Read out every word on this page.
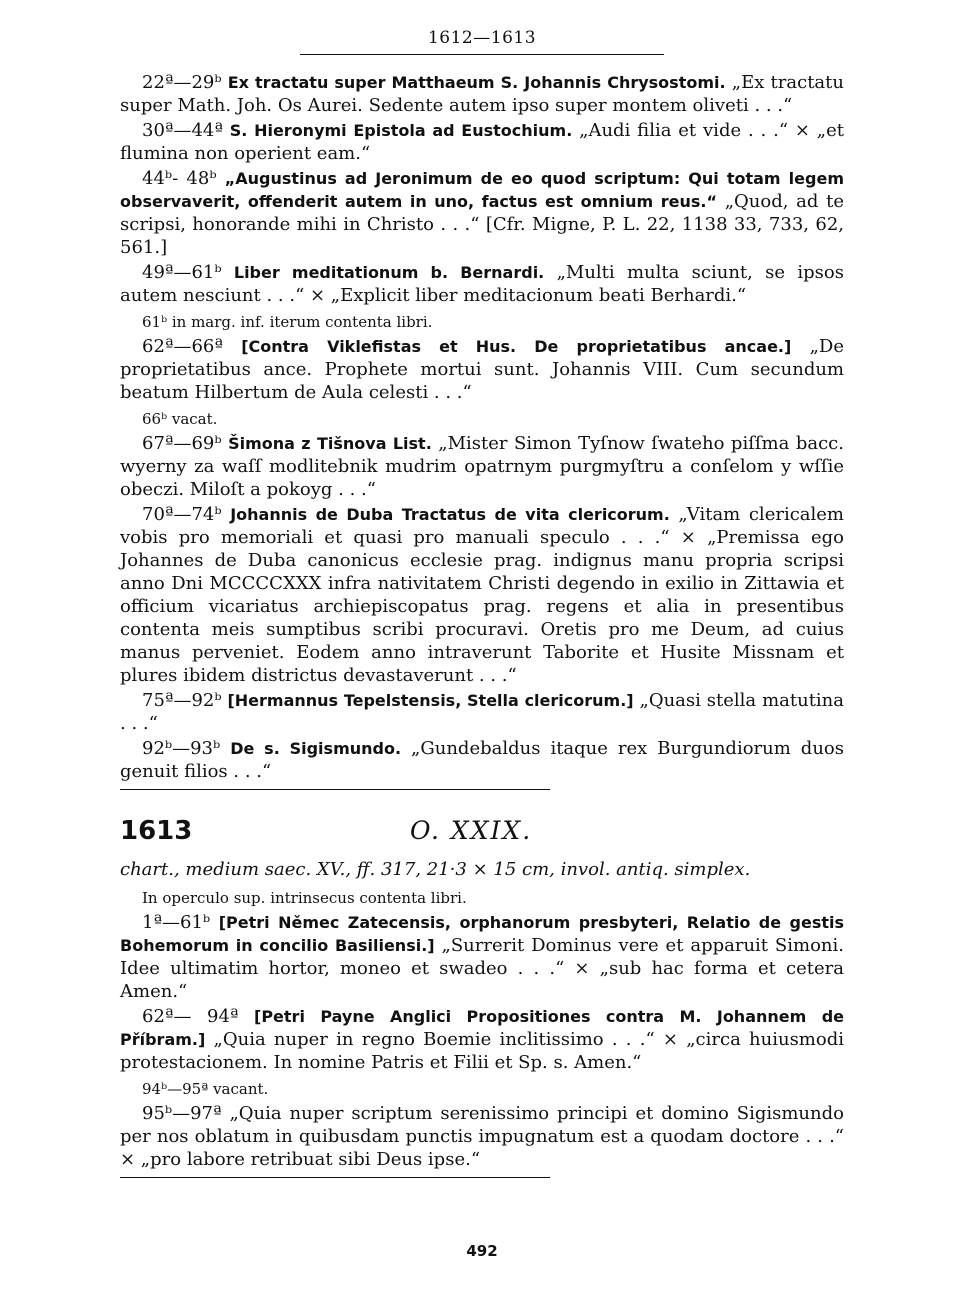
1612—1613

22ª—29ᵇ Ex tractatu super Matthaeum S. Johannis Chrysostomi. „Ex tractatu super Math. Joh. Os Aurei. Sedente autem ipso super montem oliveti . . .“

30ª—44ª S. Hieronymi Epistola ad Eustochium. „Audi filia et vide . . .“ × „et flumina non operient eam.“

44ᵇ- 48ᵇ „Augustinus ad Jeronimum de eo quod scriptum: Qui totam legem observaverit, offenderit autem in uno, factus est omnium reus.“ „Quod, ad te scripsi, honorande mihi in Christo . . .“ [Cfr. Migne, P. L. 22, 1138 33, 733, 62, 561.]

49ª—61ᵇ Liber meditationum b. Bernardi. „Multi multa sciunt, se ipsos autem nesciunt . . .“ × „Explicit liber meditacionum beati Berhardi.“

61ᵇ in marg. inf. iterum contenta libri.

62ª—66ª [Contra Viklefistas et Hus. De proprietatibus ancae.] „De proprietatibus ance. Prophete mortui sunt. Johannis VIII. Cum secundum beatum Hilbertum de Aula celesti . . .“

66ᵇ vacat.

67ª—69ᵇ Šimona z Tišnova List. „Mister Simon Tyſnow ſwateho piſſma bacc. wyerny za waſſ modlitebnik mudrim opatrnym purgmyſtru a conſelom y wſſie obeczi. Miloſt a pokoyg . . .“

70ª—74ᵇ Johannis de Duba Tractatus de vita clericorum. „Vitam clericalem vobis pro memoriali et quasi pro manuali speculo . . .“ × „Premissa ego Johannes de Duba canonicus ecclesie prag. indignus manu propria scripsi anno Dni MCCCCXXX infra nativitatem Christi degendo in exilio in Zittawia et officium vicariatus archiepiscopatus prag. regens et alia in presentibus contenta meis sumptibus scribi procuravi. Oretis pro me Deum, ad cuius manus perveniet. Eodem anno intraverunt Taborite et Husite Missnam et plures ibidem districtus devastaverunt . . .“

75ª—92ᵇ [Hermannus Tepelstensis, Stella clericorum.] „Quasi stella matutina . . .“

92ᵇ—93ᵇ De s. Sigismundo. „Gundebaldus itaque rex Burgundiorum duos genuit filios . . .“

1613	O. XXIX.

chart., medium saec. XV., ff. 317, 21·3 × 15 cm, invol. antiq. simplex.

In operculo sup. intrinsecus contenta libri.

1ª—61ᵇ [Petri Němec Zatecensis, orphanorum presbyteri, Relatio de gestis Bohemorum in concilio Basiliensi.] „Surrerit Dominus vere et apparuit Simoni. Idee ultimatim hortor, moneo et swadeo . . .“ × „sub hac forma et cetera Amen.“

62ª— 94ª [Petri Payne Anglici Propositiones contra M. Johannem de Příbram.] „Quia nuper in regno Boemie inclitissimo . . .“ × „circa huiusmodi protestacionem. In nomine Patris et Filii et Sp. s. Amen.“

94ᵇ—95ª vacant.

95ᵇ—97ª „Quia nuper scriptum serenissimo principi et domino Sigismundo per nos oblatum in quibusdam punctis impugnatum est a quodam doctore . . .“ × „pro labore retribuat sibi Deus ipse.“

492
